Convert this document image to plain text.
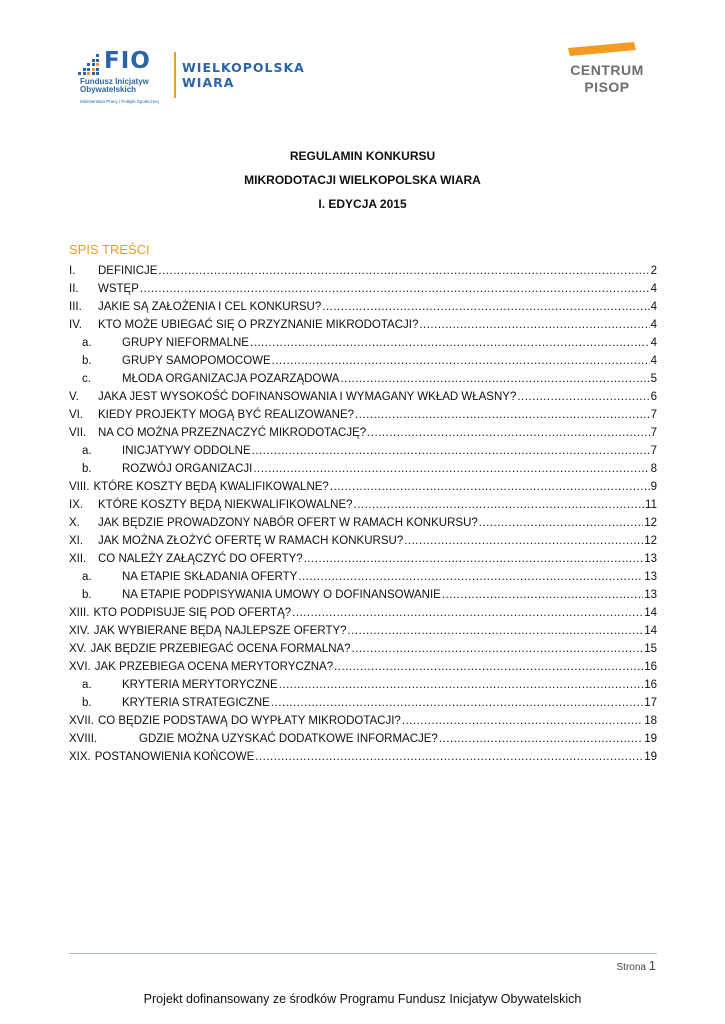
FIO
Fundusz Inicjatyw
Obywatelskich
Ministerstwo Pracy i Polityki Społecznej
WIELKOPOLSKA
WIARA
CENTRUM
PISOP
REGULAMIN KONKURSU
MIKRODOTACJI WIELKOPOLSKA WIARA
I. EDYCJA 2015
SPIS TREŚCI
I.	DEFINICJE .....	2
II.	WSTĘP .....	4
III.	JAKIE SĄ ZAŁOŻENIA I CEL KONKURSU? .....	4
IV.	KTO MOŻE UBIEGAĆ SIĘ O PRZYZNANIE MIKRODOTACJI? .....	4
a.	GRUPY NIEFORMALNE .....	4
b.	GRUPY SAMOPOMOCOWE .....	4
c.	MŁODA ORGANIZACJA POZARZĄDOWA .....	5
V.	JAKA JEST WYSOKOŚĆ DOFINANSOWANIA I WYMAGANY WKŁAD WŁASNY? .....	6
VI.	KIEDY PROJEKTY MOGĄ BYĆ REALIZOWANE? .....	7
VII.	NA CO MOŻNA PRZEZNACZYĆ MIKRODOTACJĘ? .....	7
a.	INICJATYWY ODDOLNE .....	7
b.	ROZWÓJ ORGANIZACJI .....	8
VIII. KTÓRE KOSZTY BĘDĄ KWALIFIKOWALNE? .....	9
IX.	KTÓRE KOSZTY BĘDĄ NIEKWALIFIKOWALNE? .....	11
X.	JAK BĘDZIE PROWADZONY NABÓR OFERT W RAMACH KONKURSU? .....	12
XI.	JAK MOŻNA ZŁOŻYĆ OFERTĘ W RAMACH KONKURSU? .....	12
XII.	CO NALEŻY ZAŁĄCZYĆ DO OFERTY? .....	13
a.	NA ETAPIE SKŁADANIA OFERTY .....	13
b.	NA ETAPIE PODPISYWANIA UMOWY O DOFINANSOWANIE .....	13
XIII. KTO PODPISUJE SIĘ POD OFERTĄ? .....	14
XIV. JAK WYBIERANE BĘDĄ NAJLEPSZE OFERTY? .....	14
XV. JAK BĘDZIE PRZEBIEGAĆ OCENA FORMALNA? .....	15
XVI. JAK PRZEBIEGA OCENA MERYTORYCZNA? .....	16
a.	KRYTERIA MERYTORYCZNE .....	16
b.	KRYTERIA STRATEGICZNE .....	17
XVII. CO BĘDZIE PODSTAWĄ DO WYPŁATY MIKRODOTACJI? .....	18
XVIII.	GDZIE MOŻNA UZYSKAĆ DODATKOWE INFORMACJE? .....	19
XIX. POSTANOWIENIA KOŃCOWE .....	19
Strona 1
Projekt dofinansowany ze środków Programu Fundusz Inicjatyw Obywatelskich
